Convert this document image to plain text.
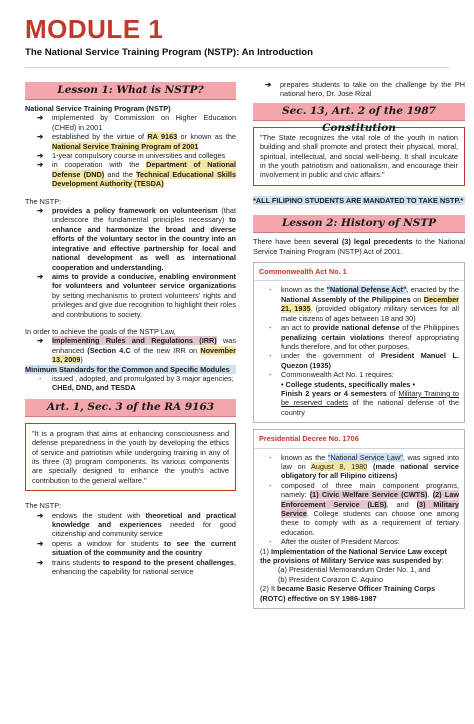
MODULE 1
The National Service Training Program (NSTP): An Introduction
Lesson 1: What is NSTP?
National Service Training Program (NSTP)
➔ implemented by Commission on Higher Education (CHEd) in 2001
➔ established by the virtue of RA 9163 or known as the National Service Training Program of 2001
➔ 1-year compulsory course in universities and colleges
➔ in cooperation with the Department of National Defense (DND) and the Technical Educational Skills Development Authority (TESDA)
The NSTP:
➔ provides a policy framework on volunteerism (that underscore the fundamental principles necessary) to enhance and harmonize the broad and diverse efforts of the voluntary sector in the country into an integrative and effective partnership for local and national development as well as international cooperation and understanding.
➔ aims to provide a conducive, enabling environment for volunteers and volunteer service organizations by setting mechanisms to protect volunteers' rights and privileges and give due recognition to highlight their roles and contributions to society.
In order to achieve the goals of the NSTP Law,
➔ Implementing Rules and Regulations (IRR) was enhanced (Section 4.C of the new IRR on November 13, 2009)
Minimum Standards for the Common and Specific Modules
- issued , adopted, and promulgated by 3 major agencies; CHEd, DND, and TESDA
Art. 1, Sec. 3 of the RA 9163
"It is a program that aims at enhancing consciousness and defense preparedness in the youth by developing the ethics of service and patriotism while undergoing training in any of its three (3) program components. Its various components are specially designed to enhance the youth's active contribution to the general welfare."
The NSTP:
➔ endows the student with theoretical and practical knowledge and experiences needed for good citizenship and community service
➔ opens a window for students to see the current situation of the community and the country
➔ trains students to respond to the present challenges, enhancing the capability for national service
➔ prepares students to take on the challenge by the PH national hero, Dr. Jose Rizal
Sec. 13, Art. 2 of the 1987 Constitution
"The State recognizes the vital role of the youth in nation building and shall promote and protect their physical, moral, spiritual, intellectual, and social well-being. It shall inculcate in the youth patriotism and nationalism, and encourage their involvement in public and civic affairs."
*ALL FILIPINO STUDENTS ARE MANDATED TO TAKE NSTP.*
Lesson 2: History of NSTP
There have been several (3) legal precedents to the National Service Training Program (NSTP) Act of 2001.
Commonwealth Act No. 1
- known as the "National Defense Act", enacted by the National Assembly of the Philippines on December 21, 1935. (provided obligatory military services for all male citizens of ages between 18 and 30)
- an act to provide national defense of the Philippines penalizing certain violations thereof appropriating funds therefore, and for other purposes.
- under the government of President Manuel L. Quezon (1935)
- Commonwealth Act No. 1 requires:
• College students, specifically males •
Finish 2 years or 4 semesters of Military Training to be reserved cadets of the national defense of the country
Presidential Decree No. 1706
- known as the "National Service Law", was signed into law on August 8, 1980 (made national service obligatory for all Filipino citizens)
- composed of three main component programs, namely: (1) Civic Welfare Service (CWTS), (2) Law Enforcement Service (LES), and (3) Military Service. College students can choose one among these to comply with as a requirement of tertiary education.
- After the ouster of President Marcos:
(1) Implementation of the National Service Law except the provisions of Military Service was suspended by:
(a) Presidential Memorandum Order No. 1, and
(b) President Corazon C. Aquino
(2) It became Basic Reserve Officer Training Corps (ROTC) effective on SY 1986-1987
